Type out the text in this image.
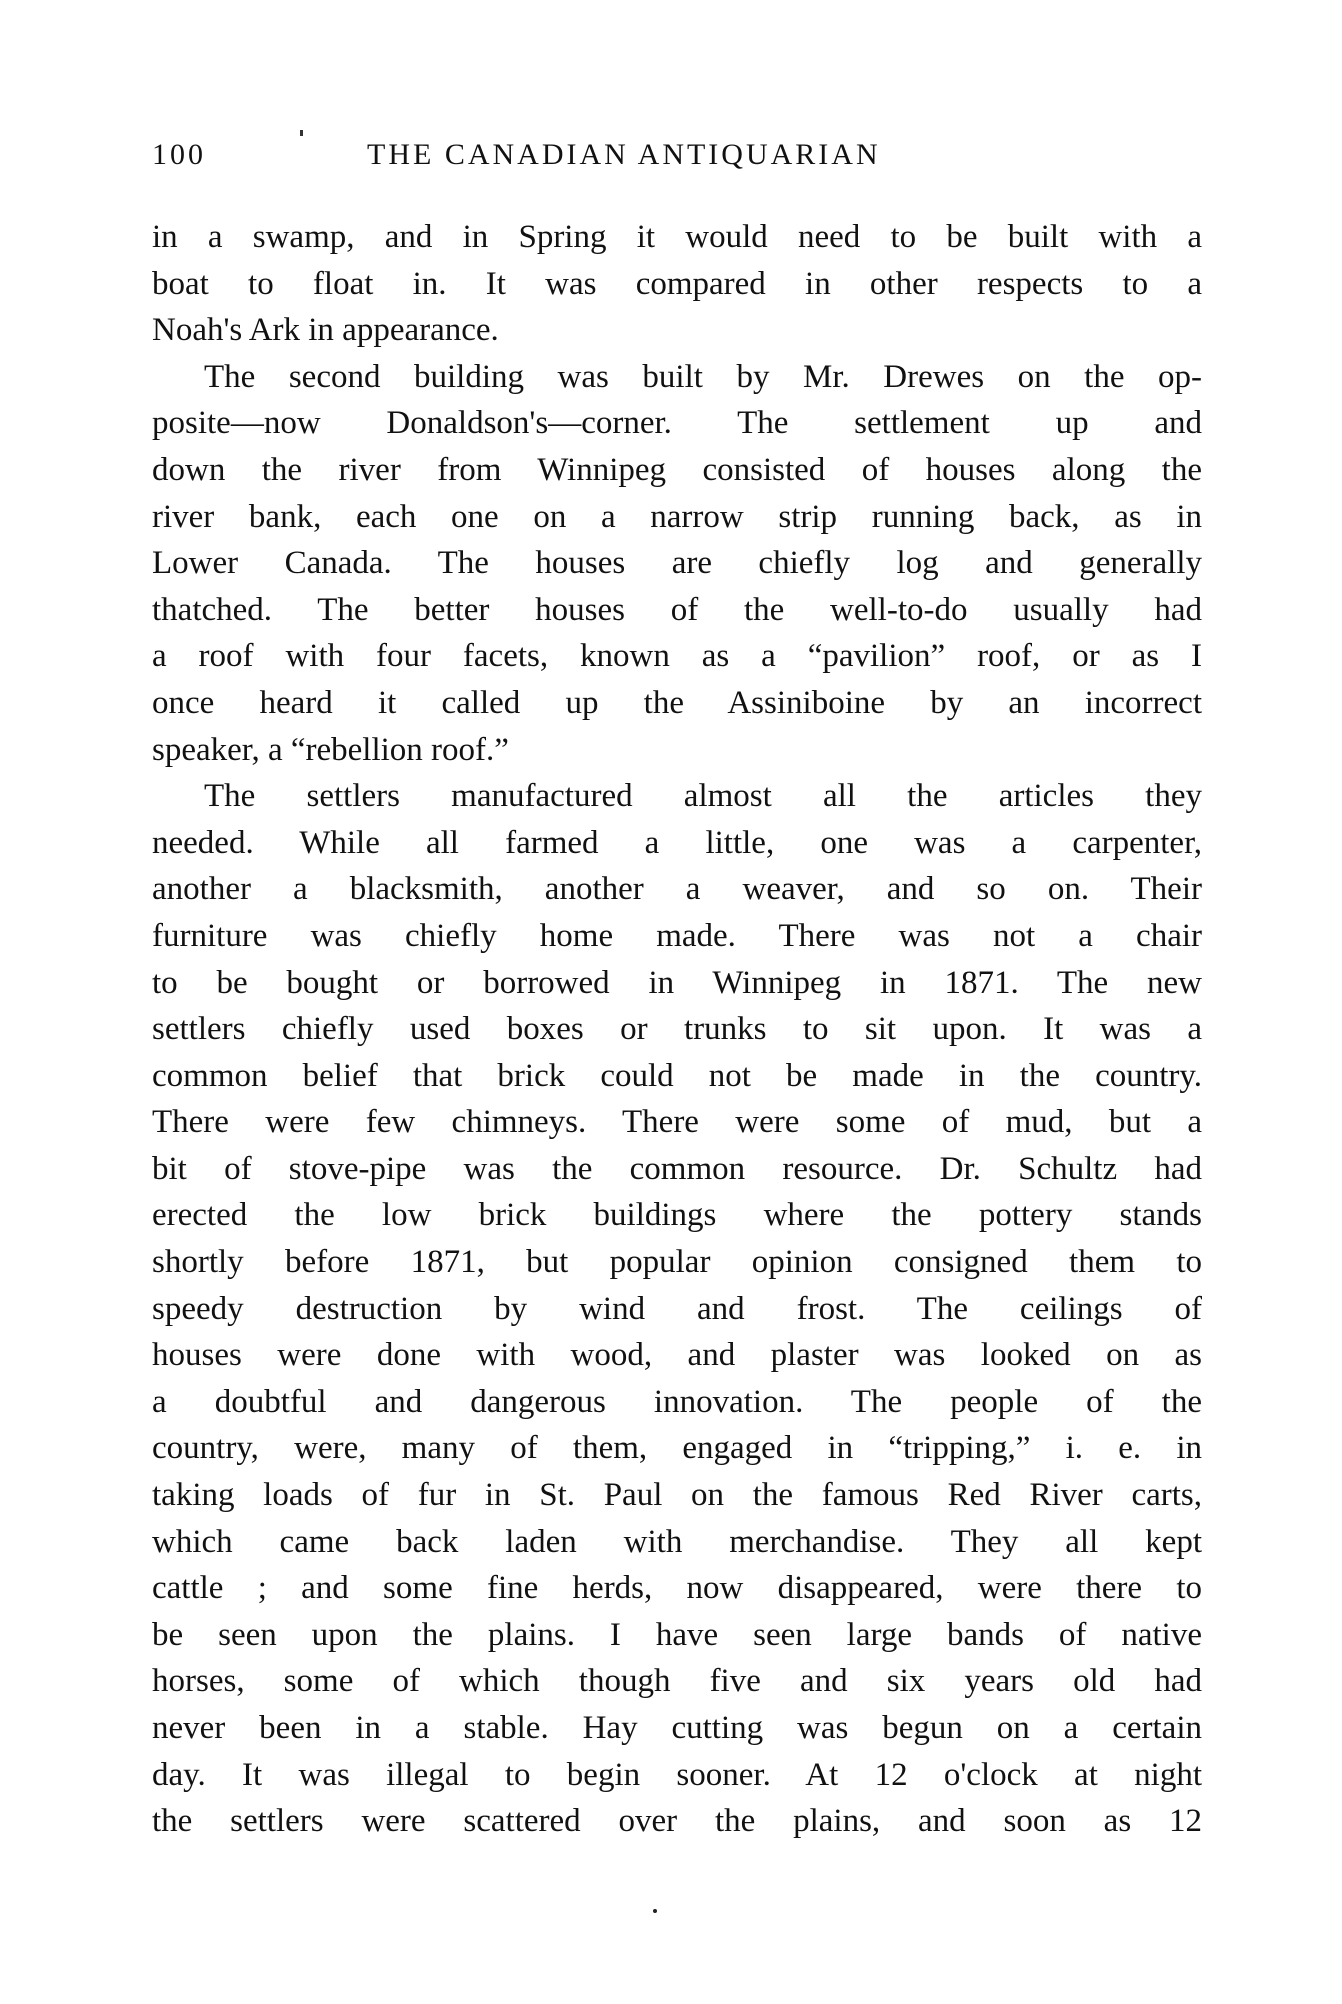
100	THE CANADIAN ANTIQUARIAN
in a swamp, and in Spring it would need to be built with a
boat to float in. It was compared in other respects to a
Noah's Ark in appearance.
The second building was built by Mr. Drewes on the op-
posite—now Donaldson's—corner. The settlement up and
down the river from Winnipeg consisted of houses along the
river bank, each one on a narrow strip running back, as in
Lower Canada. The houses are chiefly log and generally
thatched. The better houses of the well-to-do usually had
a roof with four facets, known as a “pavilion” roof, or as I
once heard it called up the Assiniboine by an incorrect
speaker, a “rebellion roof.”
The settlers manufactured almost all the articles they
needed. While all farmed a little, one was a carpenter,
another a blacksmith, another a weaver, and so on. Their
furniture was chiefly home made. There was not a chair
to be bought or borrowed in Winnipeg in 1871. The new
settlers chiefly used boxes or trunks to sit upon. It was a
common belief that brick could not be made in the country.
There were few chimneys. There were some of mud, but a
bit of stove-pipe was the common resource. Dr. Schultz had
erected the low brick buildings where the pottery stands
shortly before 1871, but popular opinion consigned them to
speedy destruction by wind and frost. The ceilings of
houses were done with wood, and plaster was looked on as
a doubtful and dangerous innovation. The people of the
country, were, many of them, engaged in “tripping,” i. e. in
taking loads of fur in St. Paul on the famous Red River carts,
which came back laden with merchandise. They all kept
cattle ; and some fine herds, now disappeared, were there to
be seen upon the plains. I have seen large bands of native
horses, some of which though five and six years old had
never been in a stable. Hay cutting was begun on a certain
day. It was illegal to begin sooner. At 12 o'clock at night
the settlers were scattered over the plains, and soon as 12
